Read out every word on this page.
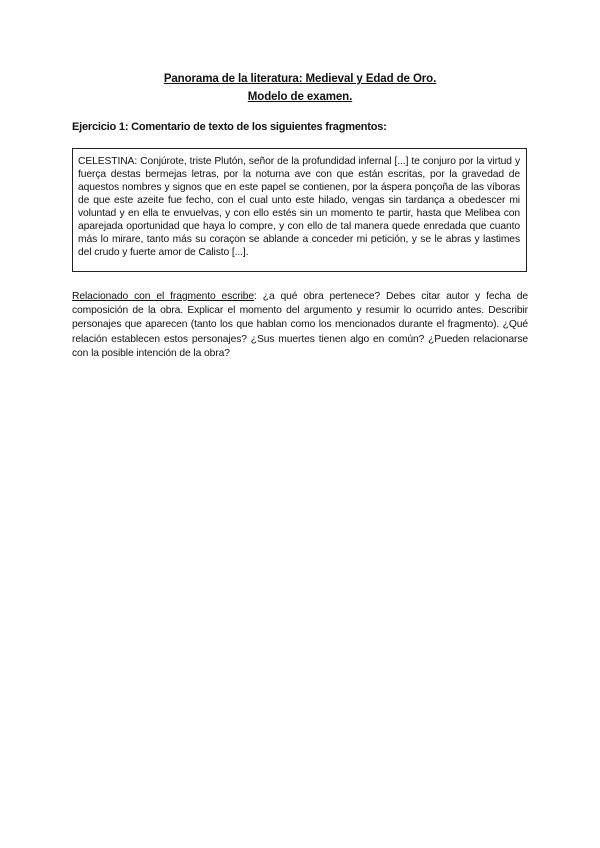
Panorama de la literatura: Medieval y Edad de Oro.
Modelo de examen.
Ejercicio 1: Comentario de texto de los siguientes fragmentos:

CELESTINA: Conjúrote, triste Plutón, señor de la profundidad infernal [...] te conjuro por la virtud y fuerça destas bermejas letras, por la noturna ave con que están escritas, por la gravedad de aquestos nombres y signos que en este papel se contienen, por la áspera ponçoña de las víboras de que este azeite fue fecho, con el cual unto este hilado, vengas sin tardança a obedescer mi voluntad y en ella te envuelvas, y con ello estés sin un momento te partir, hasta que Melibea con aparejada oportunidad que haya lo compre, y con ello de tal manera quede enredada que cuanto más lo mirare, tanto más su coraçon se ablande a conceder mi petición, y se le abras y lastimes del crudo y fuerte amor de Calisto [...].

Relacionado con el fragmento escribe: ¿a qué obra pertenece? Debes citar autor y fecha de composición de la obra. Explicar el momento del argumento y resumir lo ocurrido antes. Describir personajes que aparecen (tanto los que hablan como los mencionados durante el fragmento). ¿Qué relación establecen estos personajes? ¿Sus muertes tienen algo en común? ¿Pueden relacionarse con la posible intención de la obra?
